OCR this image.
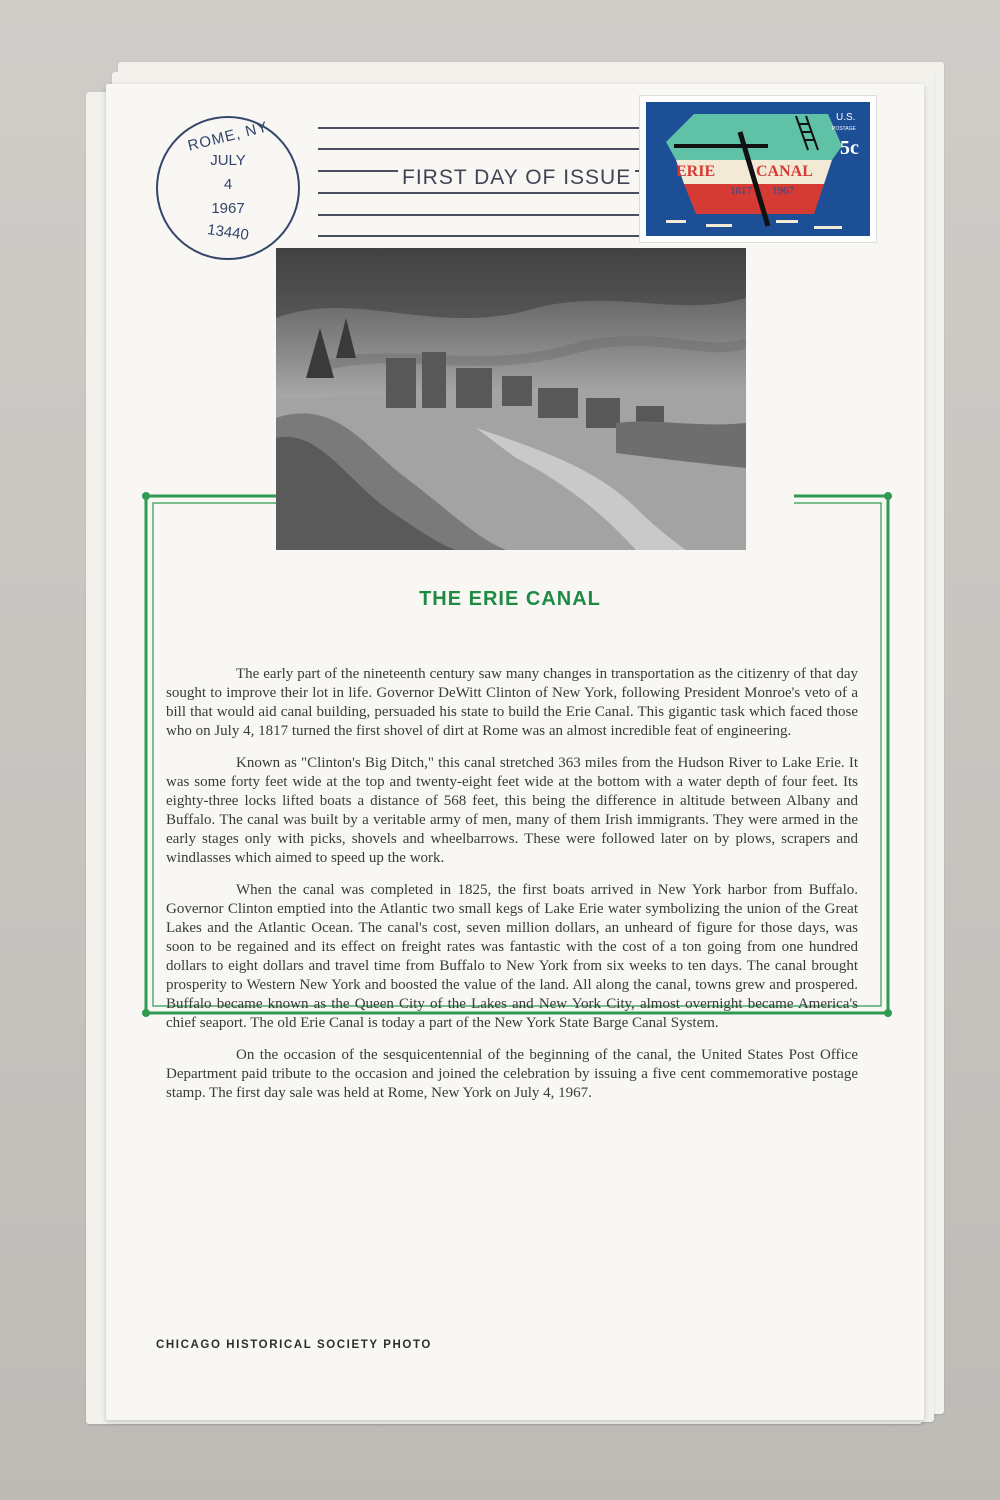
ROME, NY
JULY
4
1967
13440
FIRST DAY OF ISSUE	ERIE	CANAL
1817 1967
U.S.
POSTAGE
5c
THE ERIE CANAL

The early part of the nineteenth century saw many changes in transportation as the citizenry of that day sought to improve their lot in life. Governor DeWitt Clinton of New York, following President Monroe's veto of a bill that would aid canal building, persuaded his state to build the Erie Canal. This gigantic task which faced those who on July 4, 1817 turned the first shovel of dirt at Rome was an almost incredible feat of engineering.

Known as "Clinton's Big Ditch," this canal stretched 363 miles from the Hudson River to Lake Erie. It was some forty feet wide at the top and twenty-eight feet wide at the bottom with a water depth of four feet. Its eighty-three locks lifted boats a distance of 568 feet, this being the difference in altitude between Albany and Buffalo. The canal was built by a veritable army of men, many of them Irish immigrants. They were armed in the early stages only with picks, shovels and wheelbarrows. These were followed later on by plows, scrapers and windlasses which aimed to speed up the work.

When the canal was completed in 1825, the first boats arrived in New York harbor from Buffalo. Governor Clinton emptied into the Atlantic two small kegs of Lake Erie water symbolizing the union of the Great Lakes and the Atlantic Ocean. The canal's cost, seven million dollars, an unheard of figure for those days, was soon to be regained and its effect on freight rates was fantastic with the cost of a ton going from one hundred dollars to eight dollars and travel time from Buffalo to New York from six weeks to ten days. The canal brought prosperity to Western New York and boosted the value of the land. All along the canal, towns grew and prospered. Buffalo became known as the Queen City of the Lakes and New York City, almost overnight became America's chief seaport. The old Erie Canal is today a part of the New York State Barge Canal System.

On the occasion of the sesquicentennial of the beginning of the canal, the United States Post Office Department paid tribute to the occasion and joined the celebration by issuing a five cent commemorative postage stamp. The first day sale was held at Rome, New York on July 4, 1967.

CHICAGO HISTORICAL SOCIETY PHOTO
